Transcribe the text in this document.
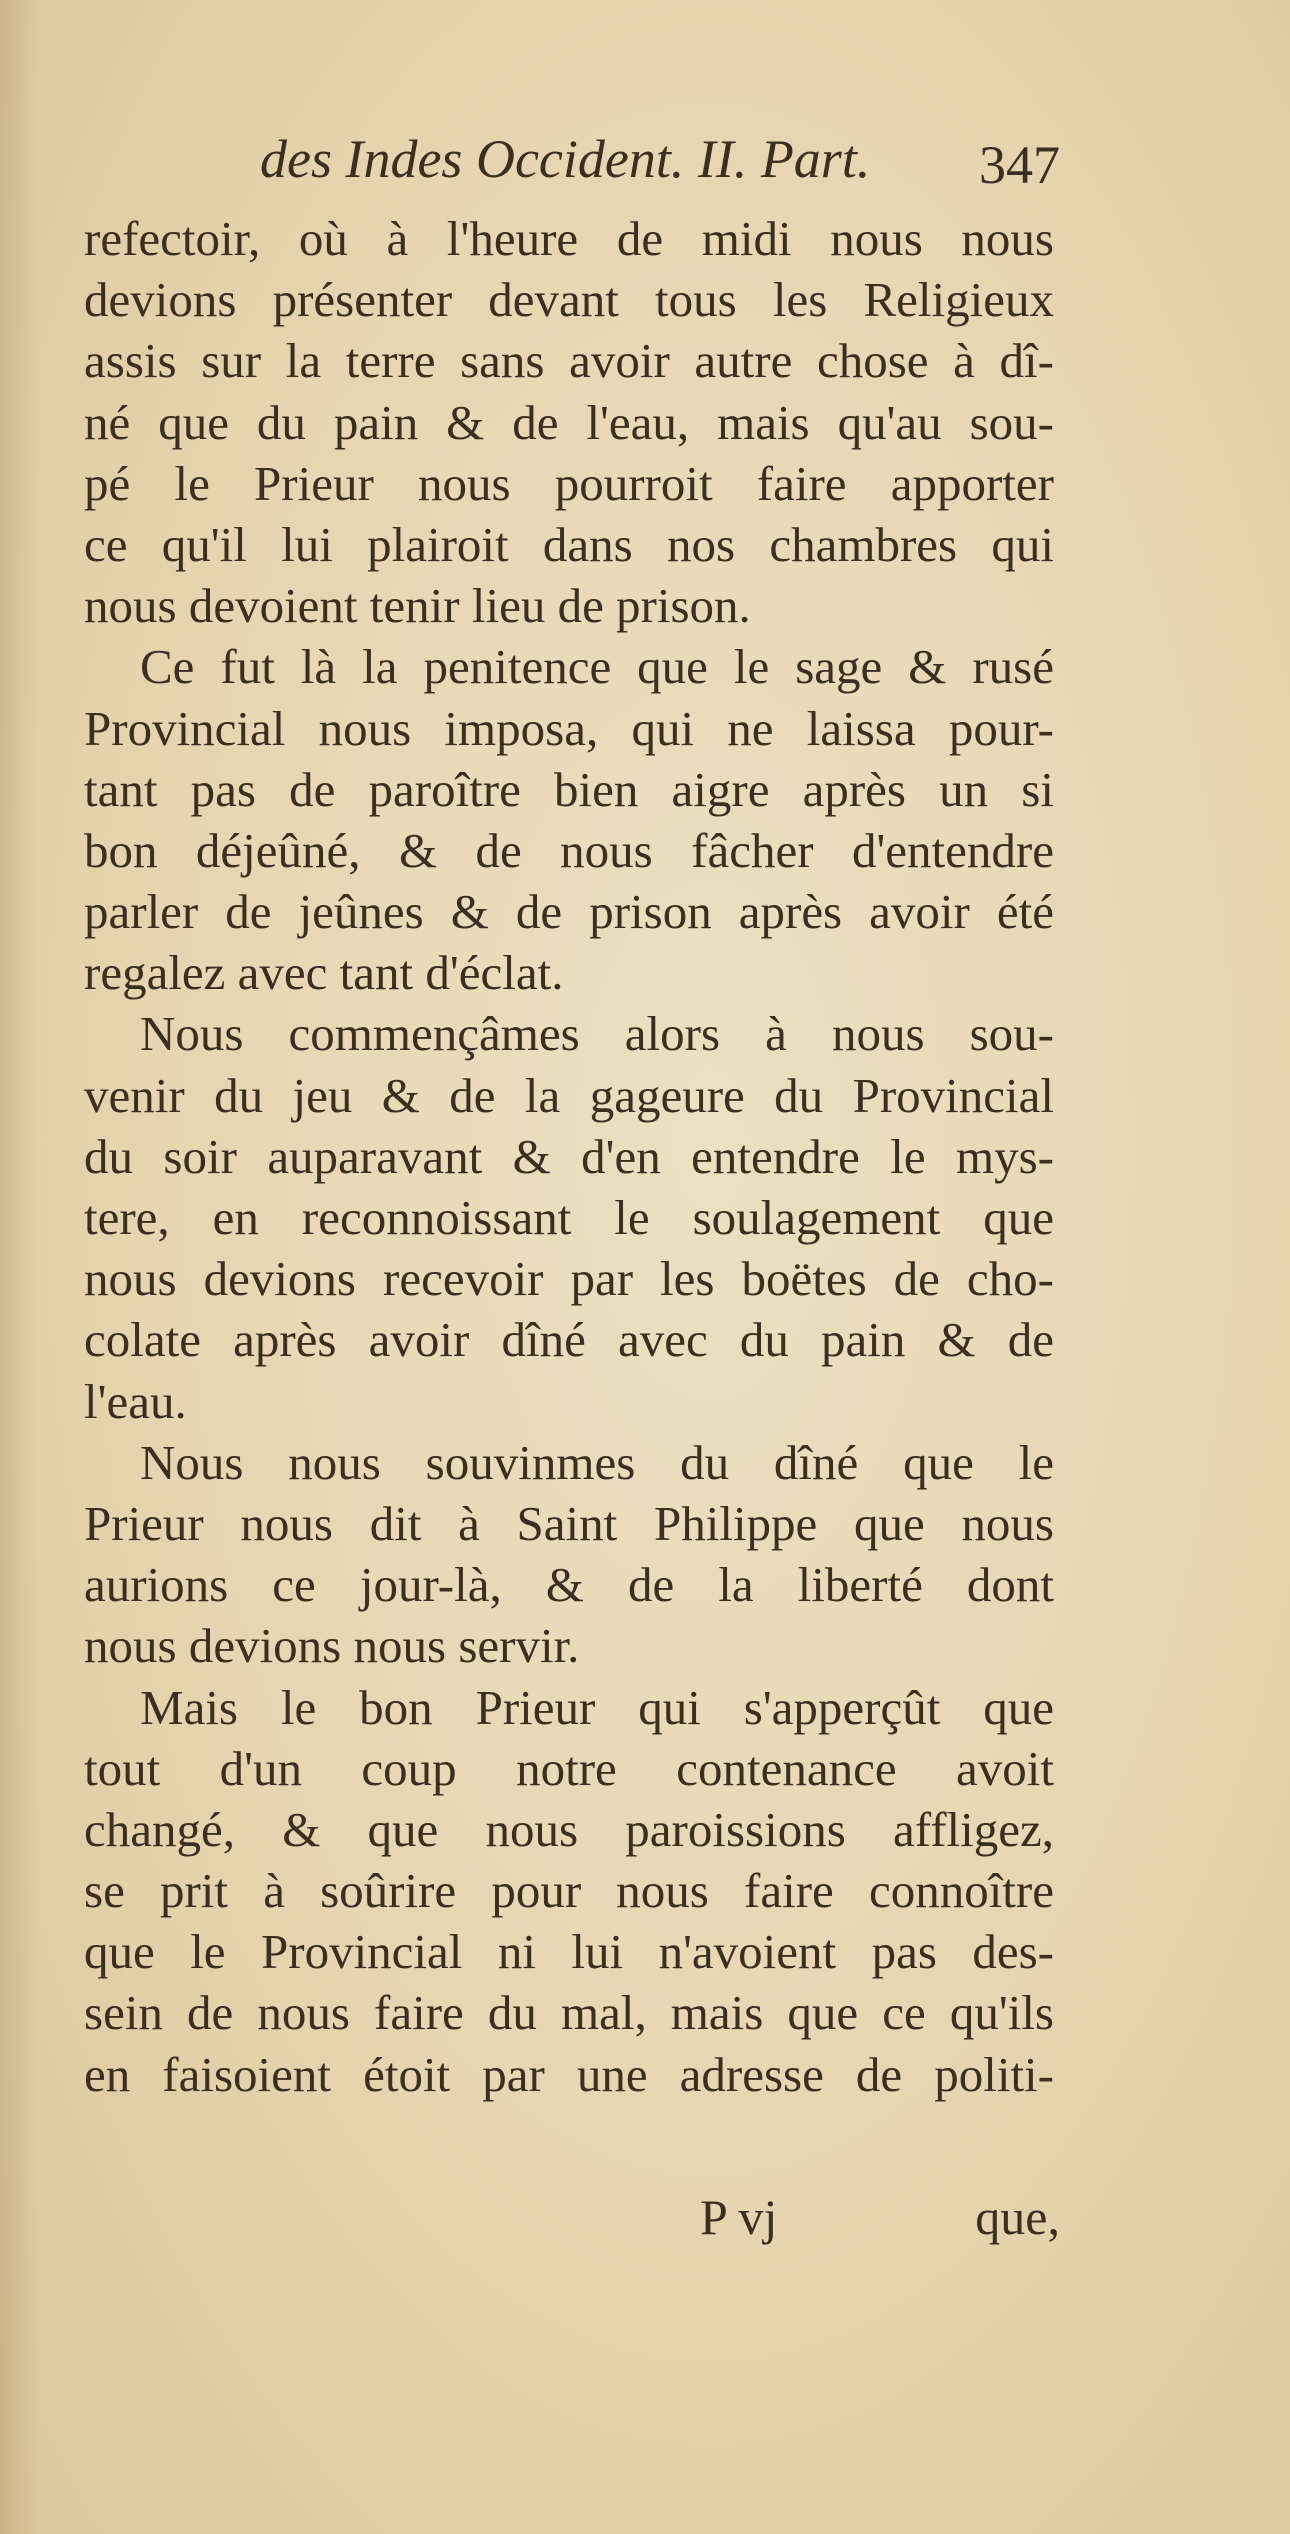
des Indes Occident. II. Part. 347
refectoir, où à l'heure de midi nous nous
devions présenter devant tous les Religieux
assis sur la terre sans avoir autre chose à dî-
né que du pain & de l'eau, mais qu'au sou-
pé le Prieur nous pourroit faire apporter
ce qu'il lui plairoit dans nos chambres qui
nous devoient tenir lieu de prison.
Ce fut là la penitence que le sage & rusé
Provincial nous imposa, qui ne laissa pour-
tant pas de paroître bien aigre après un si
bon déjeûné, & de nous fâcher d'entendre
parler de jeûnes & de prison après avoir été
regalez avec tant d'éclat.
Nous commençâmes alors à nous sou-
venir du jeu & de la gageure du Provincial
du soir auparavant & d'en entendre le mys-
tere, en reconnoissant le soulagement que
nous devions recevoir par les boëtes de cho-
colate après avoir dîné avec du pain & de
l'eau.
Nous nous souvinmes du dîné que le
Prieur nous dit à Saint Philippe que nous
aurions ce jour-là, & de la liberté dont
nous devions nous servir.
Mais le bon Prieur qui s'apperçût que
tout d'un coup notre contenance avoit
changé, & que nous paroissions affligez,
se prit à soûrire pour nous faire connoître
que le Provincial ni lui n'avoient pas des-
sein de nous faire du mal, mais que ce qu'ils
en faisoient étoit par une adresse de politi-
P vj	que,
